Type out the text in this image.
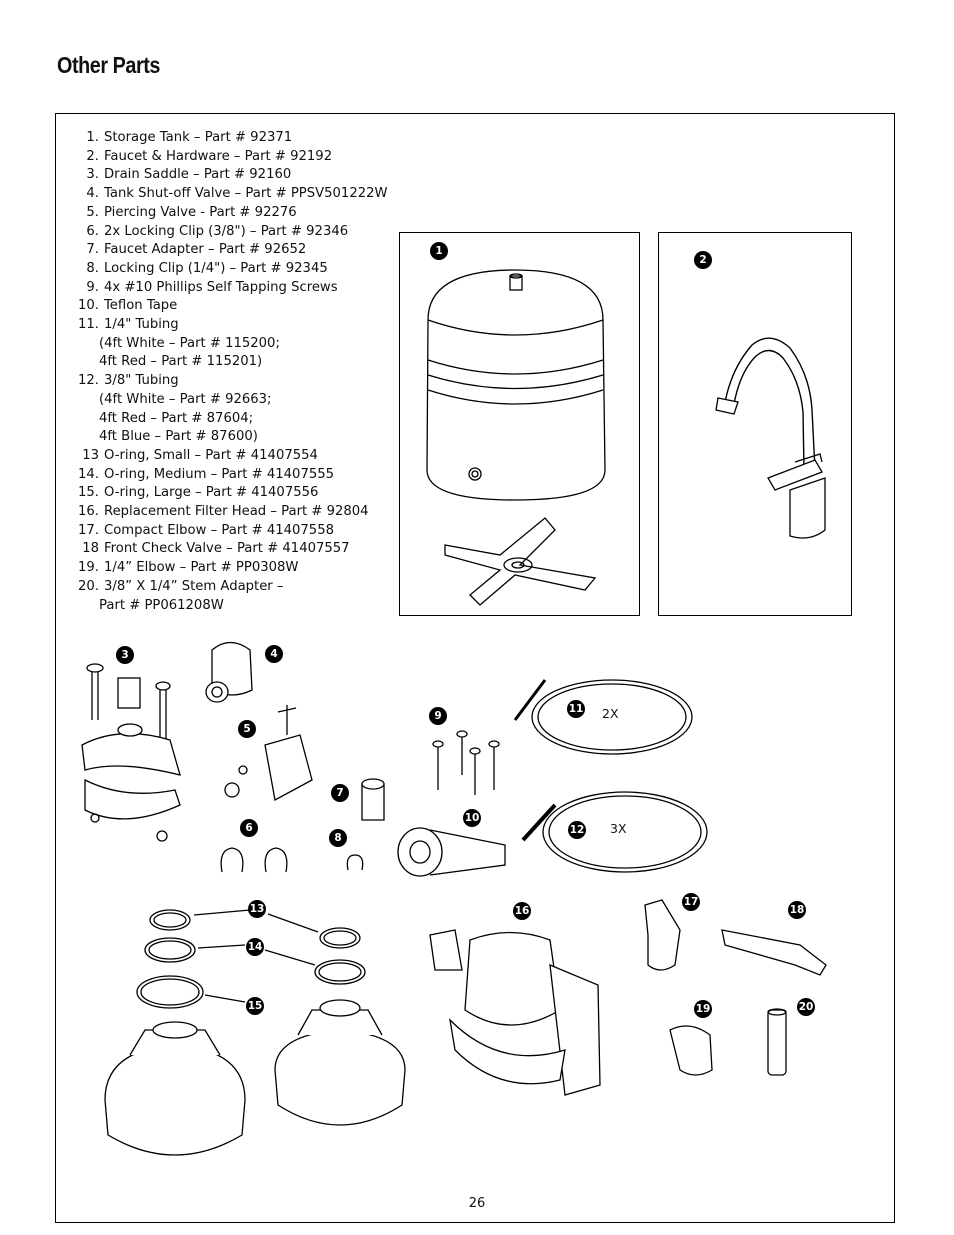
Other Parts
1. Storage Tank – Part # 92371
2. Faucet & Hardware – Part # 92192
3. Drain Saddle – Part # 92160
4. Tank Shut-off Valve – Part # PPSV501222W
5. Piercing Valve - Part # 92276
6. 2x Locking Clip (3/8") – Part # 92346
7. Faucet Adapter – Part # 92652
8. Locking Clip (1/4") – Part # 92345
9. 4x #10 Phillips Self Tapping Screws
10. Teflon Tape
11. 1/4" Tubing
(4ft White – Part # 115200;
4ft Red – Part # 115201)
12. 3/8" Tubing
(4ft White – Part # 92663;
4ft Red – Part # 87604;
4ft Blue – Part # 87600)
13 O-ring, Small – Part # 41407554
14. O-ring, Medium – Part # 41407555
15. O-ring, Large – Part # 41407556
16. Replacement Filter Head – Part # 92804
17. Compact Elbow – Part # 41407558
18 Front Check Valve – Part # 41407557
19. 1/4” Elbow – Part # PP0308W
20. 3/8” X 1/4” Stem Adapter –
Part # PP061208W
1
2
3	4
5
6
7
8
9
10
11
12
13
14
15
16
17
18
19	20
2X
3X
26
